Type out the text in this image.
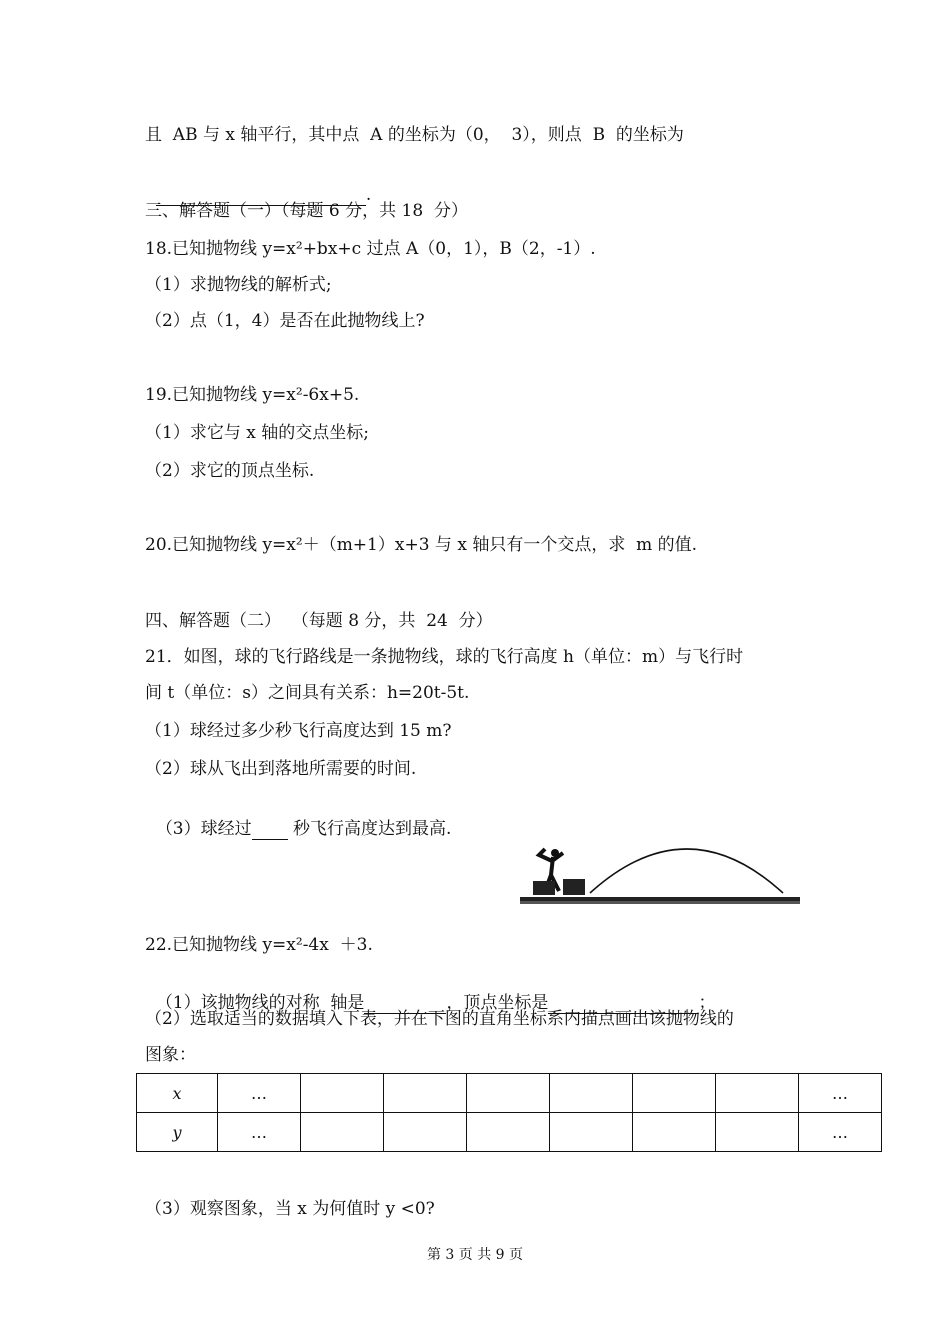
且  AB 与 x 轴平行，其中点  A 的坐标为（0，  3），则点  B  的坐标为

.

三、解答题（一）（每题 6 分，共 18  分）
18.已知抛物线 y=x²+bx+c 过点 A（0，1），B（2，-1）.
（1）求抛物线的解析式;
（2）点（1，4）是否在此抛物线上?
19.已知抛物线 y=x²-6x+5.
（1）求它与 x 轴的交点坐标;
（2）求它的顶点坐标.
20.已知抛物线 y=x²＋（m+1）x+3 与 x 轴只有一个交点，求  m 的值.
四、解答题（二）  （每题 8 分，共  24  分）
21．如图，球的飞行路线是一条抛物线，球的飞行高度 h（单位：m）与飞行时
间 t（单位：s）之间具有关系：h=20t-5t.
（1）球经过多少秒飞行高度达到 15 m?
（2）球从飞出到落地所需要的时间.

（3）球经过 秒飞行高度达到最高.

22.已知抛物线 y=x²-4x  ＋3.

（1）该抛物线的对称  轴是	，顶点坐标是	；

（2）选取适当的数据填入下表，并在下图的直角坐标系内描点画出该抛物线的
图象：
x	…							…
y	…							…
（3）观察图象，当 x 为何值时 y <0?
第 3 页 共 9 页
